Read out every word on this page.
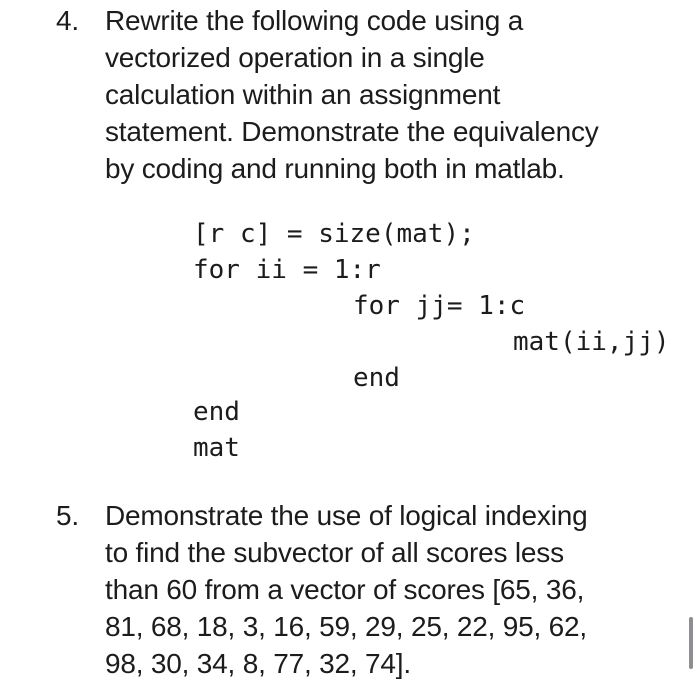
4. Rewrite the following code using a
vectorized operation in a single
calculation within an assignment
statement. Demonstrate the equivalency
by coding and running both in matlab.
[r c] = size(mat);
for ii = 1:r
for jj= 1:c
mat(ii,jj)
end
end
mat
5. Demonstrate the use of logical indexing
to find the subvector of all scores less
than 60 from a vector of scores [65, 36,
81, 68, 18, 3, 16, 59, 29, 25, 22, 95, 62,
98, 30, 34, 8, 77, 32, 74].
